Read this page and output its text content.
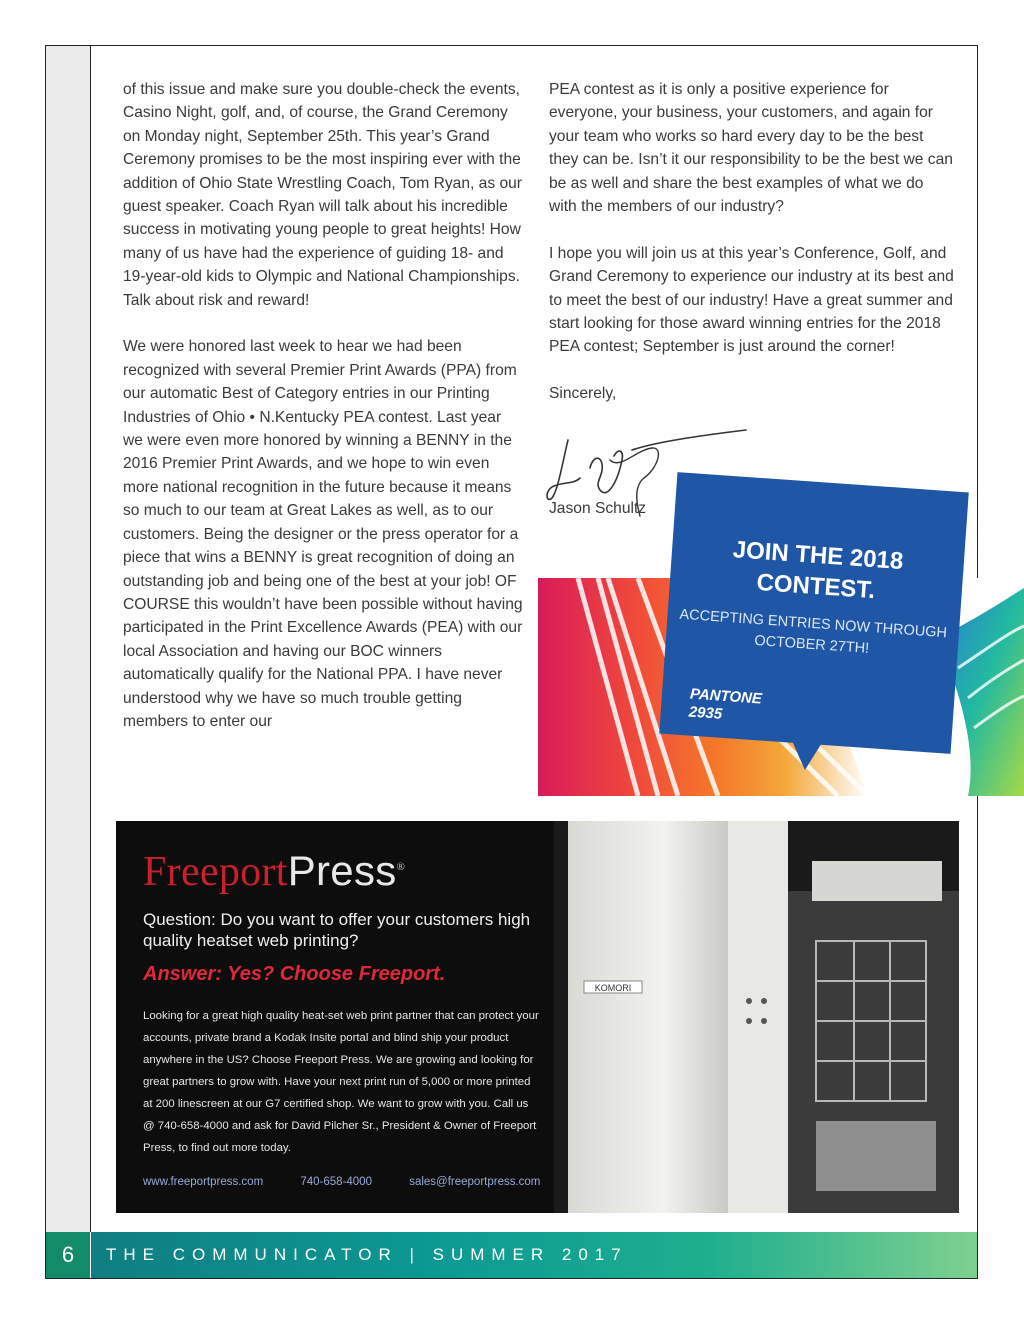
of this issue and make sure you double-check the events, Casino Night, golf, and, of course, the Grand Ceremony on Monday night, September 25th. This year’s Grand Ceremony promises to be the most inspiring ever with the addition of Ohio State Wrestling Coach, Tom Ryan, as our guest speaker. Coach Ryan will talk about his incredible success in motivating young people to great heights! How many of us have had the experience of guiding 18- and 19-year-old kids to Olympic and National Championships. Talk about risk and reward!

We were honored last week to hear we had been recognized with several Premier Print Awards (PPA) from our automatic Best of Category entries in our Printing Industries of Ohio • N.Kentucky PEA contest. Last year we were even more honored by winning a BENNY in the 2016 Premier Print Awards, and we hope to win even more national recognition in the future because it means so much to our team at Great Lakes as well, as to our customers. Being the designer or the press operator for a piece that wins a BENNY is great recognition of doing an outstanding job and being one of the best at your job! OF COURSE this wouldn’t have been possible without having participated in the Print Excellence Awards (PEA) with our local Association and having our BOC winners automatically qualify for the National PPA. I have never understood why we have so much trouble getting members to enter our

PEA contest as it is only a positive experience for everyone, your business, your customers, and again for your team who works so hard every day to be the best they can be. Isn’t it our responsibility to be the best we can be as well and share the best examples of what we do with the members of our industry?

I hope you will join us at this year’s Conference, Golf, and Grand Ceremony to experience our industry at its best and to meet the best of our industry! Have a great summer and start looking for those award winning entries for the 2018 PEA contest; September is just around the corner!

Sincerely,

Jason Schultz
JOIN THE 2018 CONTEST.
ACCEPTING ENTRIES NOW THROUGH OCTOBER 27TH!
PANTONE
2935
FreeportPress®
Question: Do you want to offer your customers high quality heatset web printing?
Answer: Yes? Choose Freeport.
Looking for a great high quality heat-set web print partner that can protect your accounts, private brand a Kodak Insite portal and blind ship your product anywhere in the US? Choose Freeport Press. We are growing and looking for great partners to grow with. Have your next print run of 5,000 or more printed at 200 linescreen at our G7 certified shop. We want to grow with you. Call us @ 740-658-4000 and ask for David Pilcher Sr., President & Owner of Freeport Press, to find out more today.
www.freeportpress.com	740-658-4000	sales@freeportpress.com
KOMORI
6	THE COMMUNICATOR | SUMMER 2017
